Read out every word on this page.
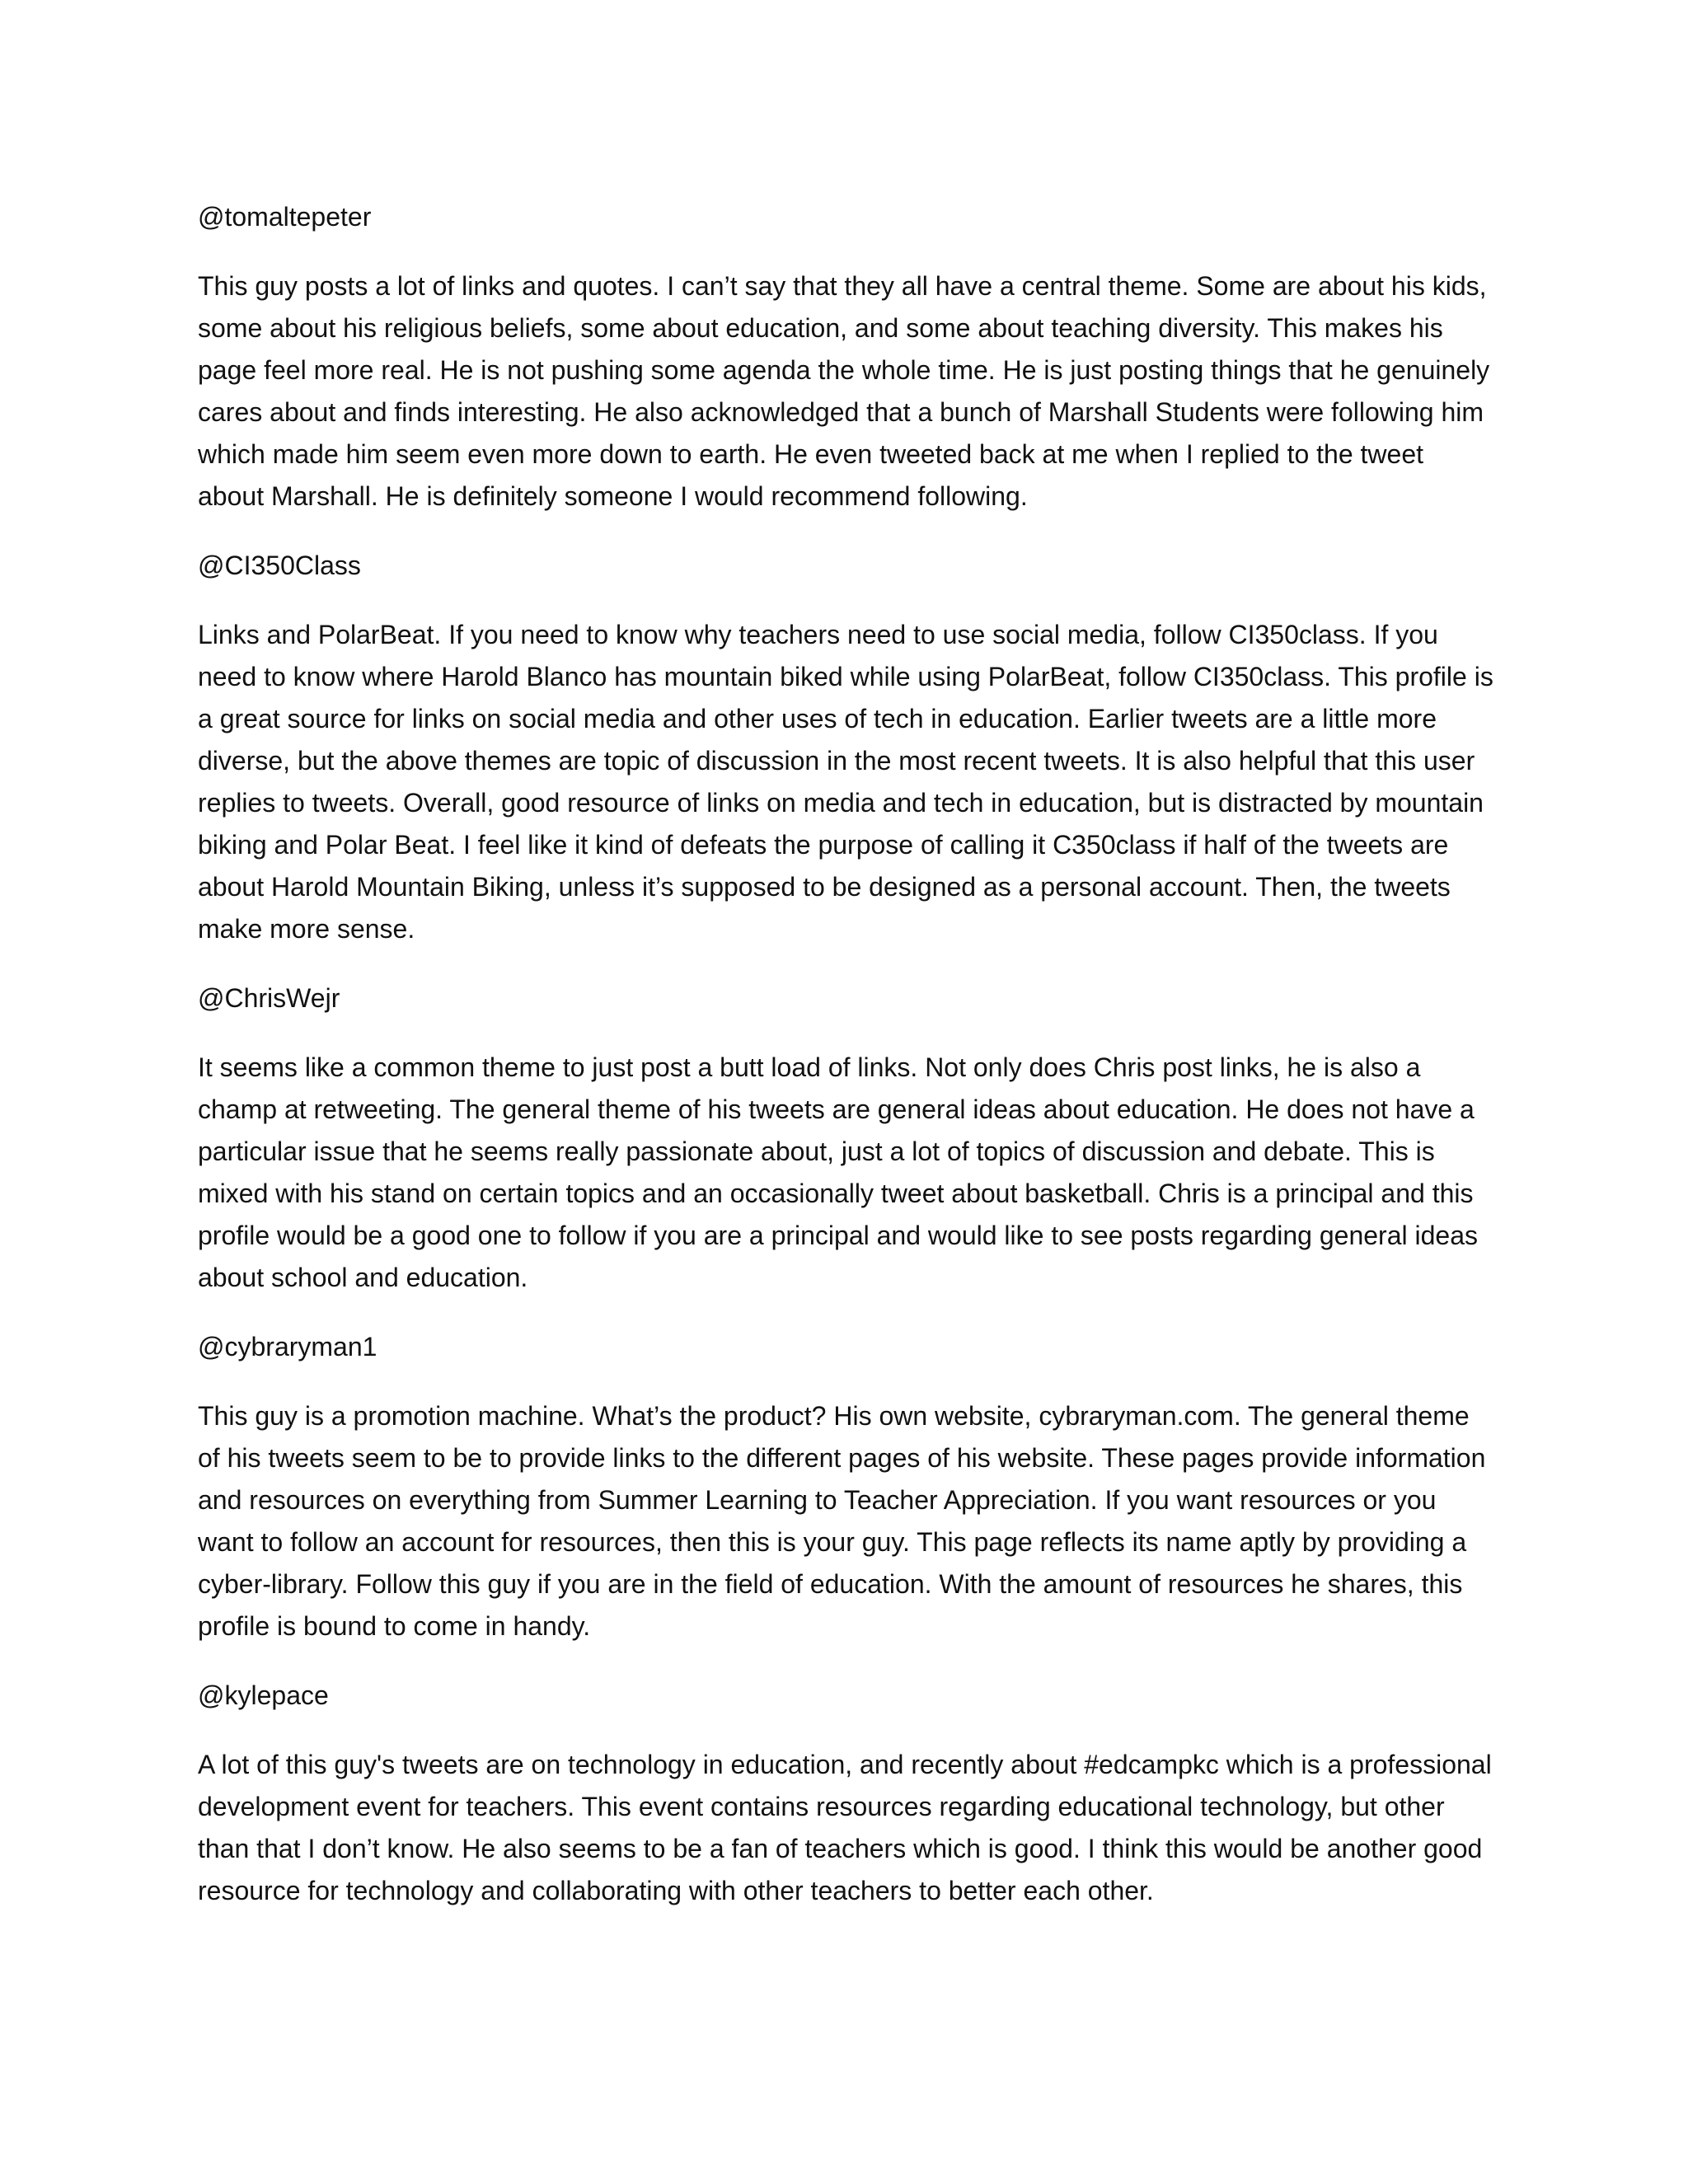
@tomaltepeter

This guy posts a lot of links and quotes. I can’t say that they all have a central theme. Some are about his kids, some about his religious beliefs, some about education, and some about teaching diversity. This makes his page feel more real. He is not pushing some agenda the whole time. He is just posting things that he genuinely cares about and finds interesting. He also acknowledged that a bunch of Marshall Students were following him which made him seem even more down to earth. He even tweeted back at me when I replied to the tweet about Marshall. He is definitely someone I would recommend following.

@CI350Class

Links and PolarBeat. If you need to know why teachers need to use social media, follow CI350class. If you need to know where Harold Blanco has mountain biked while using PolarBeat, follow CI350class. This profile is a great source for links on social media and other uses of tech in education. Earlier tweets are a little more diverse, but the above themes are topic of discussion in the most recent tweets. It is also helpful that this user replies to tweets. Overall, good resource of links on media and tech in education, but is distracted by mountain biking and Polar Beat. I feel like it kind of defeats the purpose of calling it C350class if half of the tweets are about Harold Mountain Biking, unless it’s supposed to be designed as a personal account. Then, the tweets make more sense.

@ChrisWejr

It seems like a common theme to just post a butt load of links. Not only does Chris post links, he is also a champ at retweeting. The general theme of his tweets are general ideas about education. He does not have a particular issue that he seems really passionate about, just a lot of topics of discussion and debate. This is mixed with his stand on certain topics and an occasionally tweet about basketball. Chris is a principal and this profile would be a good one to follow if you are a principal and would like to see posts regarding general ideas about school and education.

@cybraryman1

This guy is a promotion machine. What’s the product? His own website, cybraryman.com. The general theme of his tweets seem to be to provide links to the different pages of his website. These pages provide information and resources on everything from Summer Learning to Teacher Appreciation. If you want resources or you want to follow an account for resources, then this is your guy. This page reflects its name aptly by providing a cyber-library. Follow this guy if you are in the field of education. With the amount of resources he shares, this profile is bound to come in handy.

@kylepace

A lot of this guy's tweets are on technology in education, and recently about #edcampkc which is a professional development event for teachers. This event contains resources regarding educational technology, but other than that I don’t know. He also seems to be a fan of teachers which is good. I think this would be another good resource for technology and collaborating with other teachers to better each other.
